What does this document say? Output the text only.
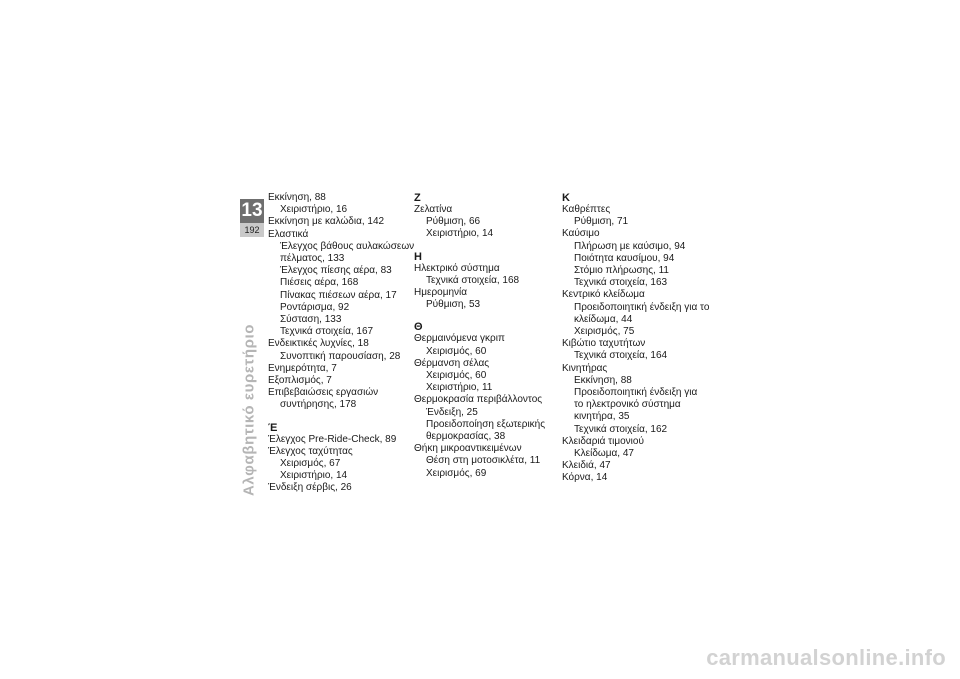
13
192
Αλφαβητικό ευρετήριο
Εκκίνηση, 88
Χειριστήριο, 16
Εκκίνηση με καλώδια, 142
Ελαστικά
Έλεγχος βάθους αυλακώσεων
πέλματος, 133
Έλεγχος πίεσης αέρα, 83
Πιέσεις αέρα, 168
Πίνακας πιέσεων αέρα, 17
Ροντάρισμα, 92
Σύσταση, 133
Τεχνικά στοιχεία, 167
Ενδεικτικές λυχνίες, 18
Συνοπτική παρουσίαση, 28
Ενημερότητα, 7
Εξοπλισμός, 7
Επιβεβαιώσεις εργασιών
συντήρησης, 178
Έ
Έλεγχος Pre-Ride-Check, 89
Έλεγχος ταχύτητας
Χειρισμός, 67
Χειριστήριο, 14
Ένδειξη σέρβις, 26
Ζ
Ζελατίνα
Ρύθμιση, 66
Χειριστήριο, 14
Η
Ηλεκτρικό σύστημα
Τεχνικά στοιχεία, 168
Ημερομηνία
Ρύθμιση, 53
Θ
Θερμαινόμενα γκριπ
Χειρισμός, 60
Θέρμανση σέλας
Χειρισμός, 60
Χειριστήριο, 11
Θερμοκρασία περιβάλλοντος
Ένδειξη, 25
Προειδοποίηση εξωτερικής
θερμοκρασίας, 38
Θήκη μικροαντικειμένων
Θέση στη μοτοσικλέτα, 11
Χειρισμός, 69
Κ
Καθρέπτες
Ρύθμιση, 71
Καύσιμο
Πλήρωση με καύσιμο, 94
Ποιότητα καυσίμου, 94
Στόμιο πλήρωσης, 11
Τεχνικά στοιχεία, 163
Κεντρικό κλείδωμα
Προειδοποιητική ένδειξη για το
κλείδωμα, 44
Χειρισμός, 75
Κιβώτιο ταχυτήτων
Τεχνικά στοιχεία, 164
Κινητήρας
Εκκίνηση, 88
Προειδοποιητική ένδειξη για
το ηλεκτρονικό σύστημα
κινητήρα, 35
Τεχνικά στοιχεία, 162
Κλειδαριά τιμονιού
Κλείδωμα, 47
Κλειδιά, 47
Κόρνα, 14
carmanualsonline.info
